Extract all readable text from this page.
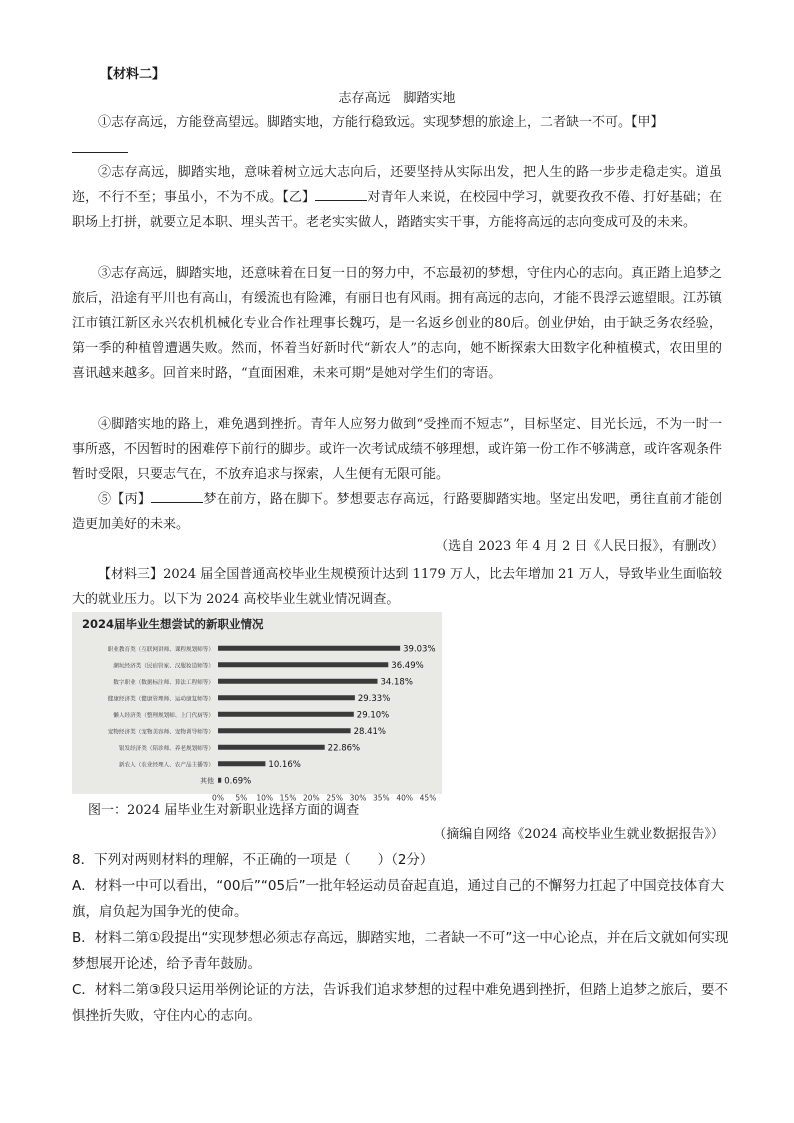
【材料二】
志存高远　脚踏实地
①志存高远，方能登高望远。脚踏实地，方能行稳致远。实现梦想的旅途上，二者缺一不可。【甲】
②志存高远，脚踏实地，意味着树立远大志向后，还要坚持从实际出发，把人生的路一步步走稳走实。道虽迩，不行不至；事虽小，不为不成。【乙】	对青年人来说，在校园中学习，就要孜孜不倦、打好基础；在职场上打拼，就要立足本职、埋头苦干。老老实实做人，踏踏实实干事，方能将高远的志向变成可及的未来。
③志存高远，脚踏实地，还意味着在日复一日的努力中，不忘最初的梦想，守住内心的志向。真正踏上追梦之旅后，沿途有平川也有高山，有缓流也有险滩，有丽日也有风雨。拥有高远的志向，才能不畏浮云遮望眼。江苏镇江市镇江新区永兴农机机械化专业合作社理事长魏巧，是一名返乡创业的80后。创业伊始，由于缺乏务农经验，第一季的种植曾遭遇失败。然而，怀着当好新时代“新农人”的志向，她不断探索大田数字化种植模式，农田里的喜讯越来越多。回首来时路，“直面困难，未来可期”是她对学生们的寄语。
④脚踏实地的路上，难免遇到挫折。青年人应努力做到“受挫而不短志”，目标坚定、目光长远，不为一时一事所惑，不因暂时的困难停下前行的脚步。或许一次考试成绩不够理想，或许第一份工作不够满意，或许客观条件暂时受限，只要志气在，不放弃追求与探索，人生便有无限可能。
⑤【丙】	梦在前方，路在脚下。梦想要志存高远，行路要脚踏实地。坚定出发吧，勇往直前才能创造更加美好的未来。
（选自 2023 年 4 月 2 日《人民日报》，有删改）
【材料三】2024 届全国普通高校毕业生规模预计达到 1179 万人，比去年增加 21 万人，导致毕业生面临较大的就业压力。以下为 2024 高校毕业生就业情况调查。
2024届毕业生想尝试的新职业情况
职业教育类（互联网讲师、课程规划师等）	39.03%
潮玩经济类（民宿管家、汉服妆造师等）	36.49%
数字职业（数据标注师、算法工程师等）	34.18%
健康经济类（健康管理师、运动康复师等）	29.33%
懒人经济类（整理规划师、上门代厨等）	29.10%
宠物经济类（宠物美容师、宠物训导师等）	28.41%
银发经济类（陪诊师、养老规划师等）	22.86%
新农人（农业经理人、农产品主播等）	10.16%
其他 0.69%
0% 5% 10% 15% 20% 25% 30% 35% 40% 45%
图一：2024 届毕业生对新职业选择方面的调查
（摘编自网络《2024 高校毕业生就业数据报告》）
8．下列对两则材料的理解，不正确的一项是（　　）（2分）
A．材料一中可以看出，“00后”“05后”一批年轻运动员奋起直追，通过自己的不懈努力扛起了中国竞技体育大旗，肩负起为国争光的使命。
B．材料二第①段提出“实现梦想必须志存高远，脚踏实地，二者缺一不可”这一中心论点，并在后文就如何实现梦想展开论述，给予青年鼓励。
C．材料二第③段只运用举例论证的方法，告诉我们追求梦想的过程中难免遇到挫折，但踏上追梦之旅后，要不惧挫折失败，守住内心的志向。
